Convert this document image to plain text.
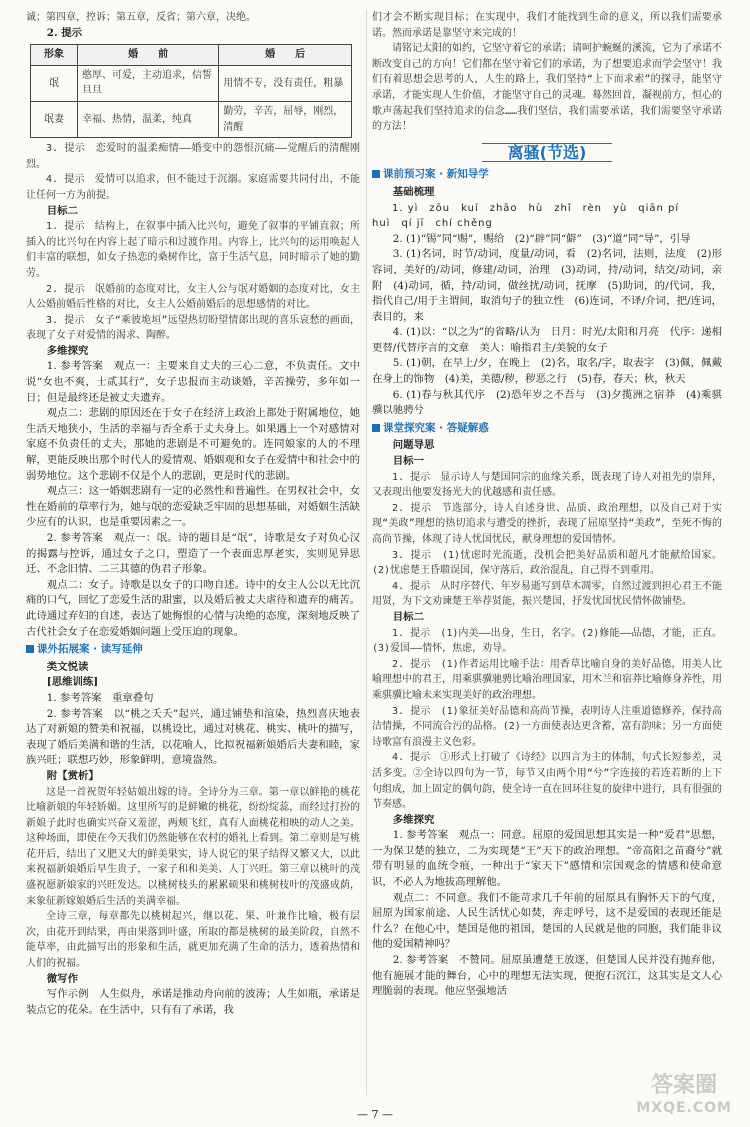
诚；第四章，控诉；第五章，反省；第六章，决绝。

2. 提示

形象	婚　　前	婚　　后
氓	憨厚、可爱，主动追求，信誓旦旦	用情不专，没有责任，粗暴
氓妻	幸福、热情，温柔，纯真	勤劳，辛苦，屈辱，刚烈，清醒

3. 提示　恋爱时的温柔痴情——婚变中的怨恨沉痛——觉醒后的清醒刚烈。

4. 提示　爱情可以追求，但不能过于沉溺。家庭需要共同付出，不能让任何一方为前提。

目标二

1. 提示　结构上，在叙事中插入比兴句，避免了叙事的平铺直叙；所插入的比兴句在内容上起了暗示和过渡作用。内容上，比兴句的运用唤起人们丰富的联想，如女子热恋的桑树作比，富于生活气息，同时暗示了她的勤劳。

2. 提示　氓婚前的态度对比，女主人公与氓对婚姻的态度对比，女主人公婚前婚后性格的对比，女主人公婚前婚后的思想感情的对比。

3. 提示　女子“乘彼垝垣”远望热切盼望情郎出现的喜乐哀愁的画面，表现了女子对爱情的渴求、陶醉。

多维探究

1. 参考答案　观点一：主要来自丈夫的三心二意，不负责任。文中说“女也不爽，士贰其行”，女子忠报而主动谈婚，辛苦操劳，多年如一日；但是最终还是被丈夫遗弃。

观点二：悲剧的原因还在于女子在经济上政治上都处于附属地位，她生活天地狭小，生活的幸福与否全系于丈夫身上。如果遇上一个对感情对家庭不负责任的丈夫，那她的悲剧是不可避免的。连同娘家的人的不理解，更能反映出那个时代人的爱情观、婚姻观和女子在爱情中和社会中的弱势地位。这个悲剧不仅是个人的悲剧，更是时代的悲剧。

观点三：这一婚姻悲剧有一定的必然性和普遍性。在男权社会中，女性在婚前的草率行为，她与氓的恋爱缺乏牢固的思想基础，对婚姻生活缺少应有的认识，也是重要因素之一。

2. 参考答案　观点一：氓。诗的题目是“氓”，诗歌是女子对负心汉的揭露与控诉，通过女子之口，塑造了一个表面忠厚老实，实则见异思迁、不念旧情、二三其德的伪君子形象。

观点二：女子。诗歌是以女子的口吻自述。诗中的女主人公以无比沉痛的口气，回忆了恋爱生活的甜蜜，以及婚后被丈夫虐待和遗弃的痛苦。此诗通过弃妇的自述，表达了她悔恨的心情与决绝的态度，深刻地反映了古代社会女子在恋爱婚姻问题上受压迫的现象。

课外拓展案 · 读写延伸

类文悦读

[思维训练]

1. 参考答案　重章叠句

2. 参考答案　以“桃之夭夭”起兴，通过铺垫和渲染，热烈喜庆地表达了对新娘的赞美和祝福，以桃设比，通过对桃花、桃实、桃叶的描写，表现了婚后美满和谐的生活，以花喻人，比拟祝福新娘婚后夫妻和睦，家族兴旺；联想巧妙，形象鲜明，意境盎然。

附【赏析】

这是一首祝贺年轻姑娘出嫁的诗。全诗分为三章。第一章以鲜艳的桃花比喻新娘的年轻娇媚。这里所写的是鲜嫩的桃花，纷纷绽蕊，而经过打扮的新娘子此时也确实兴奋又羞涩，两颊飞红，真有人面桃花相映的动人之美。这种场面，即使在今天我们仍然能够在农村的婚礼上看到。第二章则是写桃花开后，结出了又肥又大的鲜美果实，诗人说它的果子结得又繁又大，以此来祝福新娘婚后早生贵子，一家子和和美美、人丁兴旺。第三章以桃叶的茂盛祝愿新娘家的兴旺发达。以桃树枝头的累累硕果和桃树枝叶的茂盛成荫，来象征新嫁娘婚后生活的美满幸福。

全诗三章，每章都先以桃树起兴，继以花、果、叶兼作比喻，极有层次，由花开到结果，再由果落到叶盛，所取的都是桃树的最美阶段，自然不能草率，由此描写出的形象和生活，就更加充满了生命的活力，透着热情和人们的祝福。

微写作

写作示例　人生似舟，承诺是推动舟向前的波涛；人生如瓶，承诺是装点它的花朵。在生活中，只有有了承诺，我

们才会不断实现目标；在实现中，我们才能找到生命的意义，所以我们需要承诺。然而承诺是靠坚守来完成的！

请铭记太阳的如约，它坚守着它的承诺；请呵护蜿蜒的溪流，它为了承诺不断改变自己的方向！它们都在坚守着它们的承诺，为了想要追求而学会坚守！我们有着思想会思考的人，人生的路上，我们坚持“上下而求索”的探寻，能坚守承诺，才能实现人生价值，才能坚守自己的灵魂。蓦然回首，凝视前方，恒心的歌声荡起我们坚持追求的信念……我们坚信，我们需要承诺，我们需要坚守承诺的方法！

离骚(节选)
课前预习案 · 新知导学

基础梳理

1. yì　zōu　kuí　zhāo　hù　zhǐ　rèn　yù　qiān pí

huì　qí jī　chí chěng

2. (1)“锡”同“赐”，赐给　(2)“辟”同“僻”　(3)“道”同“导”，引导

3. (1)名词，时节/动词，度量/动词，看　(2)名词，法则，法度　(2)形容词，美好的/动词，修建/动词，治理　(3)动词，持/动词，结交/动词，亲附　(4)动词，循，持/动词，做丝扰/动词，抚摩　(5)助词，的/代词，我，指代自己/用于主谓间，取消句子的独立性　(6)连词，不译/介词，把/连词，表目的，来

4. (1)以：“以之为”的省略/认为　日月：时光/太阳和月亮　代序：递相更替/代替序言的文章　美人：喻指君主/美貌的女子

5. (1)朝，在早上/夕，在晚上　(2)名，取名/字，取表字　(3)佩，佩戴在身上的饰物　(4)美，美德/秽，秽恶之行　(5)春，春天；秋，秋天

6. (1)春与秋其代序　(2)恐年岁之不吾与　(3)夕揽洲之宿莽　(4)乘骐骥以驰骋兮

课堂探究案 · 答疑解惑

问题导思

目标一

1. 提示　显示诗人与楚国同宗的血缘关系，既表现了诗人对祖先的崇拜，又表现出他要发扬光大的优越感和责任感。

2. 提示　节选部分，诗人自述身世、品质、政治理想，以及自己对于实现“美政”理想的热切追求与遭受的挫折，表现了屈原坚持“美政”，至死不悔的高尚节操，体现了诗人忧国忧民，献身理想的爱国情怀。

3. 提示　(1)忧虑时光流逝，没机会把美好品质和超凡才能献给国家。(2)忧虑楚王昏聩误国，保守落后，政治混乱，自己得不到重用。

4. 提示　从时序替代、年岁易逝写到草木凋零，自然过渡到担心君王不能用贤，为下文劝谏楚王举荐贤能，振兴楚国，抒发忧国忧民情怀做铺垫。

目标二

1. 提示　(1)内美——出身，生日，名字。(2)修能——品德，才能，正直。(3)爱国——情怀，焦虑，劝导。

2. 提示　(1)作者运用比喻手法：用香草比喻自身的美好品德，用美人比喻理想中的君王，用乘骐骥驰骋比喻治理国家，用木兰和宿莽比喻修身养性，用乘骐骥比喻未来实现美好的政治理想。

3. 提示　(1)象征美好品德和高尚节操，表明诗人注重道德修养，保持高洁情操，不同流合污的品格。(2)一方面使表达更含蓄，富有韵味；另一方面使诗歌富有浪漫主义色彩。

4. 提示　①形式上打破了《诗经》以四言为主的体制，句式长短参差，灵活多变。②全诗以四句为一节，每节又由两个用“兮”字连接的若连若断的上下句组成，加上固定的偶句韵，使全诗一直在回环往复的旋律中进行，具有很强的节奏感。

多维探究

1. 参考答案　观点一：同意。屈原的爱国思想其实是一种“爱君”思想，一为保卫楚的独立，二为实现楚“王”天下的政治理想。“帝高阳之苗裔兮”就带有明显的血统令痕，一种出于“家天下”感情和宗国观念的情感和使命意识，不必人为地拔高理解他。

观点二：不同意。我们不能苛求几千年前的屈原具有胸怀天下的气度，屈原为国家前途、人民生活忧心如焚，奔走呼号，这不是爱国的表现还能是什么？在他心中，楚国是他的祖国，楚国的人民就是他的同胞，我们能非议他的爱国精神吗？

2. 参考答案　不赞同。屈原虽遭楚王放逐，但楚国人民并没有抛弃他，他有施展才能的舞台，心中的理想无法实现，便抱石沉江，这其实是文人心理脆弱的表现。他应坚强地活

— 7 —
答案圈
MXQE.COM
